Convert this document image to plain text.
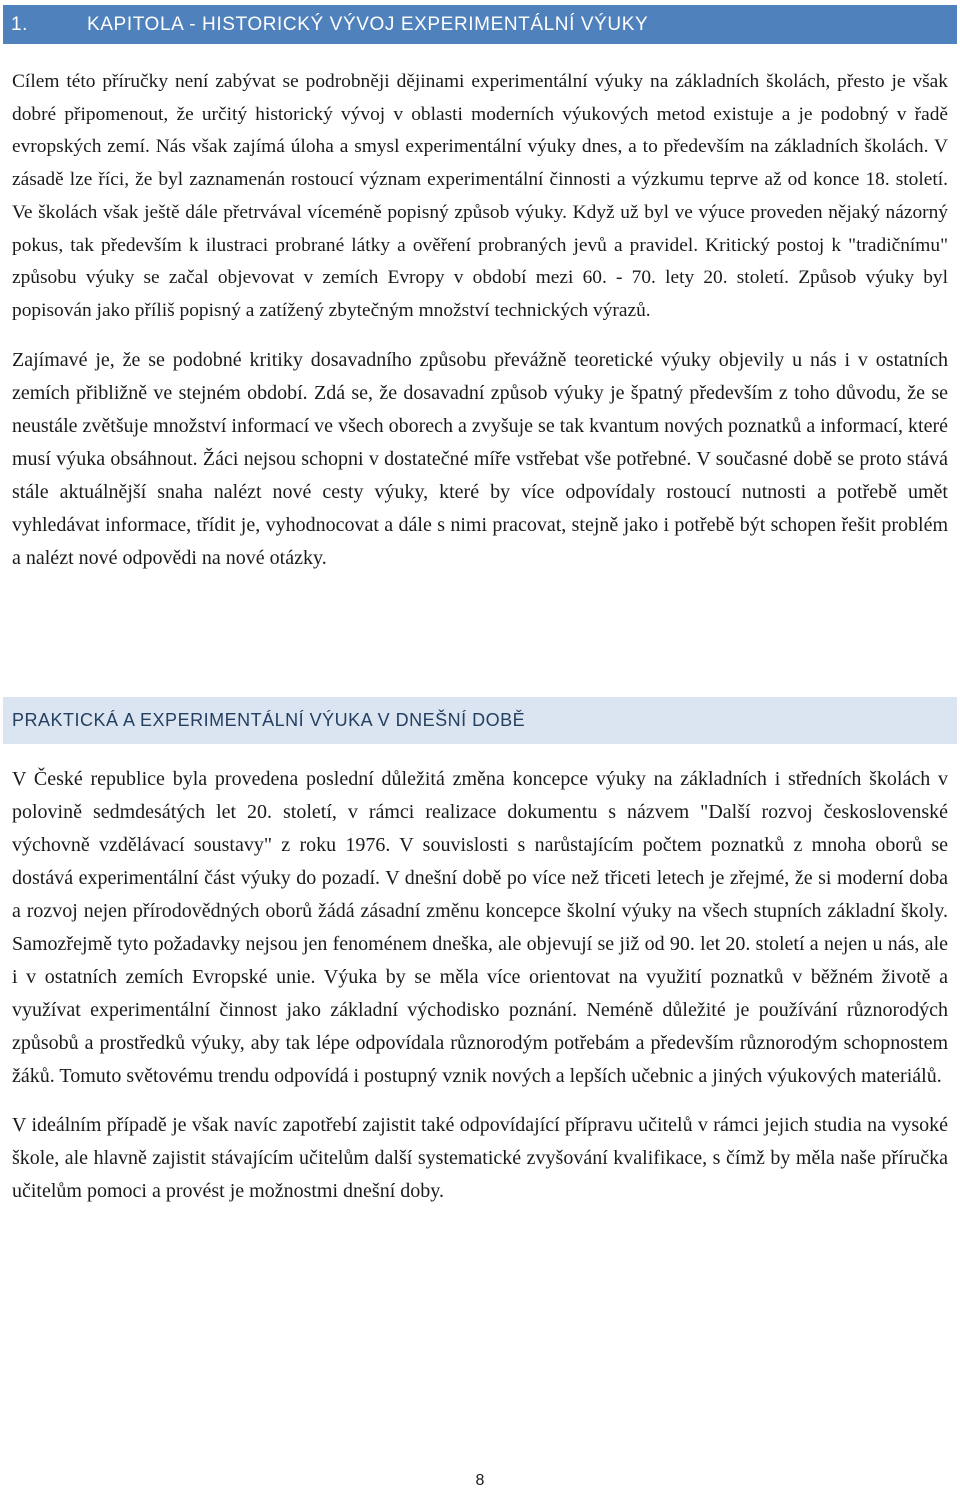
1.	KAPITOLA - HISTORICKÝ VÝVOJ EXPERIMENTÁLNÍ VÝUKY

Cílem této příručky není zabývat se podrobněji dějinami experimentální výuky na základních školách, přesto je však dobré připomenout, že určitý historický vývoj v oblasti moderních výukových metod existuje a je podobný v řadě evropských zemí. Nás však zajímá úloha a smysl experimentální výuky dnes, a to především na základních školách. V zásadě lze říci, že byl zaznamenán rostoucí význam experimentální činnosti a výzkumu teprve až od konce 18. století. Ve školách však ještě dále přetrvával víceméně popisný způsob výuky. Když už byl ve výuce proveden nějaký názorný pokus, tak především k ilustraci probrané látky a ověření probraných jevů a pravidel. Kritický postoj k "tradičnímu" způsobu výuky se začal objevovat v zemích Evropy v období mezi 60. - 70. lety 20. století. Způsob výuky byl popisován jako příliš popisný a zatížený zbytečným množství technických výrazů.

Zajímavé je, že se podobné kritiky dosavadního způsobu převážně teoretické výuky objevily u nás i v ostatních zemích přibližně ve stejném období. Zdá se, že dosavadní způsob výuky je špatný především z toho důvodu, že se neustále zvětšuje množství informací ve všech oborech a zvyšuje se tak kvantum nových poznatků a informací, které musí výuka obsáhnout. Žáci nejsou schopni v dostatečné míře vstřebat vše potřebné. V současné době se proto stává stále aktuálnější snaha nalézt nové cesty výuky, které by více odpovídaly rostoucí nutnosti a potřebě umět vyhledávat informace, třídit je, vyhodnocovat a dále s nimi pracovat, stejně jako i potřebě být schopen řešit problém a nalézt nové odpovědi na nové otázky.

PRAKTICKÁ A EXPERIMENTÁLNÍ VÝUKA V DNEŠNÍ DOBĚ

V České republice byla provedena poslední důležitá změna koncepce výuky na základních i středních školách v polovině sedmdesátých let 20. století, v rámci realizace dokumentu s názvem "Další rozvoj československé výchovně vzdělávací soustavy" z roku 1976. V souvislosti s narůstajícím počtem poznatků z mnoha oborů se dostává experimentální část výuky do pozadí. V dnešní době po více než třiceti letech je zřejmé, že si moderní doba a rozvoj nejen přírodovědných oborů žádá zásadní změnu koncepce školní výuky na všech stupních základní školy. Samozřejmě tyto požadavky nejsou jen fenoménem dneška, ale objevují se již od 90. let 20. století a nejen u nás, ale i v ostatních zemích Evropské unie. Výuka by se měla více orientovat na využití poznatků v běžném životě a využívat experimentální činnost jako základní východisko poznání. Neméně důležité je používání různorodých způsobů a prostředků výuky, aby tak lépe odpovídala různorodým potřebám a především různorodým schopnostem žáků. Tomuto světovému trendu odpovídá i postupný vznik nových a lepších učebnic a jiných výukových materiálů.

V ideálním případě je však navíc zapotřebí zajistit také odpovídající přípravu učitelů v rámci jejich studia na vysoké škole, ale hlavně zajistit stávajícím učitelům další systematické zvyšování kvalifikace, s čímž by měla naše příručka učitelům pomoci a provést je možnostmi dnešní doby.

8
